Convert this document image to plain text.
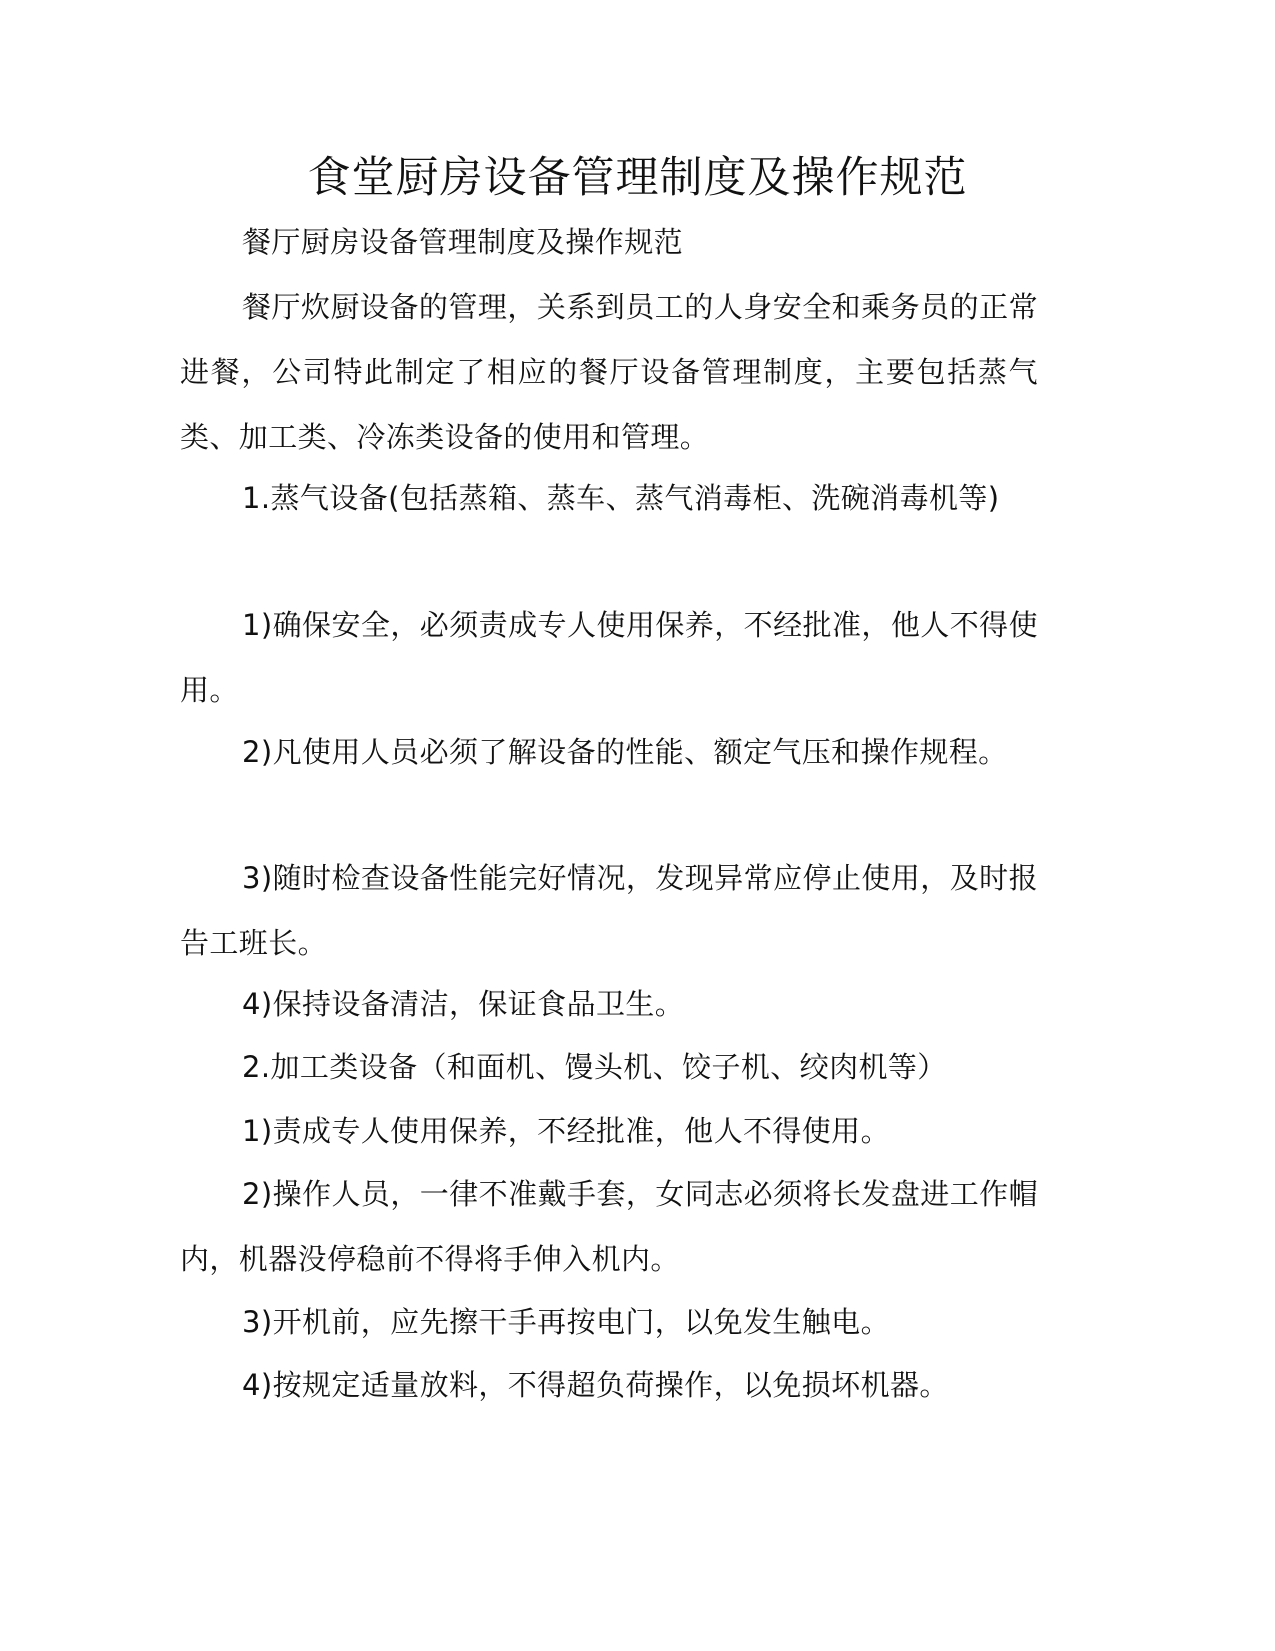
食堂厨房设备管理制度及操作规范

餐厅厨房设备管理制度及操作规范

餐厅炊厨设备的管理，关系到员工的人身安全和乘务员的正常进餐，公司特此制定了相应的餐厅设备管理制度，主要包括蒸气类、加工类、冷冻类设备的使用和管理。

1.蒸气设备(包括蒸箱、蒸车、蒸气消毒柜、洗碗消毒机等)

1)确保安全，必须责成专人使用保养，不经批准，他人不得使用。

2)凡使用人员必须了解设备的性能、额定气压和操作规程。

3)随时检查设备性能完好情况，发现异常应停止使用，及时报告工班长。

4)保持设备清洁，保证食品卫生。

2.加工类设备（和面机、馒头机、饺子机、绞肉机等）

1)责成专人使用保养，不经批准，他人不得使用。

2)操作人员，一律不准戴手套，女同志必须将长发盘进工作帽内，机器没停稳前不得将手伸入机内。

3)开机前，应先擦干手再按电门，以免发生触电。

4)按规定适量放料，不得超负荷操作，以免损坏机器。
